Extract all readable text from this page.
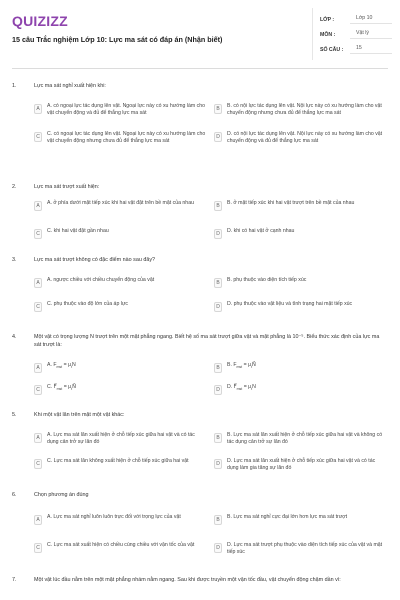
QUIZIZZ
15 câu Trắc nghiệm Lớp 10: Lực ma sát có đáp án (Nhận biết)
LỚP :	Lớp 10
MÔN :	Vật lý
SỐ CÂU :	15
1.	Lực ma sát nghỉ xuất hiện khi:
A	A. có ngoại lực tác dụng lên vật. Ngoại lực này có xu hướng làm cho vật chuyển động và đủ để thắng lực ma sát
B	B. có nội lực tác dụng lên vật. Nội lực này có xu hướng làm cho vật chuyển động nhưng chưa đủ để thắng lực ma sát
C	C. có ngoại lực tác dụng lên vật. Ngoại lực này có xu hướng làm cho vật chuyển động nhưng chưa đủ để thắng lực ma sát
D	D. có nội lực tác dụng lên vật. Nội lực này có xu hướng làm cho vật chuyển động và đủ để thắng lực ma sát
2.	Lực ma sát trượt xuất hiện:
A	A. ở phía dưới mặt tiếp xúc khi hai vật đặt trên bề mặt của nhau	B	B. ở mặt tiếp xúc khi hai vật trượt trên bề mặt của nhau
C	C. khi hai vật đặt gần nhau	D	D. khi có hai vật ở cạnh nhau
3.	Lực ma sát trượt không có đặc điểm nào sau đây?
A	A. ngược chiều với chiều chuyển động của vật	B	B. phụ thuộc vào diện tích tiếp xúc
C	C. phụ thuộc vào độ lớn của áp lực	D	D. phụ thuộc vào vật liệu và tình trạng hai mặt tiếp xúc
4.	Một vật có trọng lượng N trượt trên một mặt phẳng ngang. Biết hệ số ma sát trượt giữa vật và mặt phẳng là 10⁻⁵. Biểu thức xác định của lực ma sát trượt là:
A	A. $F_{mst} = \mu_tN$	B	B. $F_{mst}$ = $\mu_tN⃗$
C	C. $F⃗_{mst}$ = $\mu_tN⃗$	D	D. $F⃗_{mst} = \mu_tN$
5.	Khi một vật lăn trên mặt một vật khác:
A	A. Lực ma sát lăn xuất hiện ở chỗ tiếp xúc giữa hai vật và có tác dụng cản trở sự lăn đó
B	B. Lực ma sát lăn xuất hiện ở chỗ tiếp xúc giữa hai vật và không có tác dụng cản trở sự lăn đó
C	C. Lực ma sát lăn không xuất hiện ở chỗ tiếp xúc giữa hai vật	D	D. Lực ma sát lăn xuất hiện ở chỗ tiếp xúc giữa hai vật và có tác dụng làm gia tăng sự lăn đó
6.	Chọn phương án đúng
A	A. Lực ma sát nghỉ luôn luôn trực đối với trọng lực của vật	B	B. Lực ma sát nghỉ cực đại lớn hơn lực ma sát trượt
C	C. Lực ma sát xuất hiện có chiều cùng chiều với vận tốc của vật	D	D. Lực ma sát trượt phụ thuộc vào diện tích tiếp xúc của vật và mặt tiếp xúc
7.	Một vật lúc đầu nằm trên một mặt phẳng nhám nằm ngang. Sau khi được truyền một vận tốc đầu, vật chuyển động chậm dần vì:
